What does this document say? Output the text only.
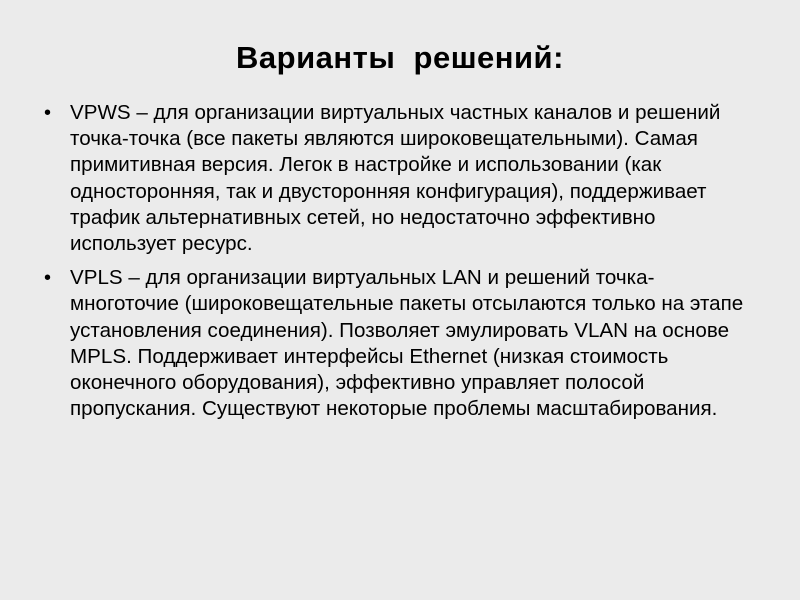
Варианты  решений:
• VPWS – для организации виртуальных частных каналов и решений точка-точка (все пакеты являются широковещательными). Самая примитивная версия. Легок в настройке и использовании (как односторонняя, так и двусторонняя конфигурация), поддерживает трафик альтернативных сетей, но недостаточно эффективно использует ресурс.
• VPLS – для организации виртуальных LAN и решений точка-многоточие (широковещательные пакеты отсылаются только на этапе установления соединения). Позволяет эмулировать VLAN на основе MPLS. Поддерживает интерфейсы Ethernet (низкая стоимость оконечного оборудования), эффективно управляет полосой пропускания. Существуют некоторые проблемы масштабирования.
